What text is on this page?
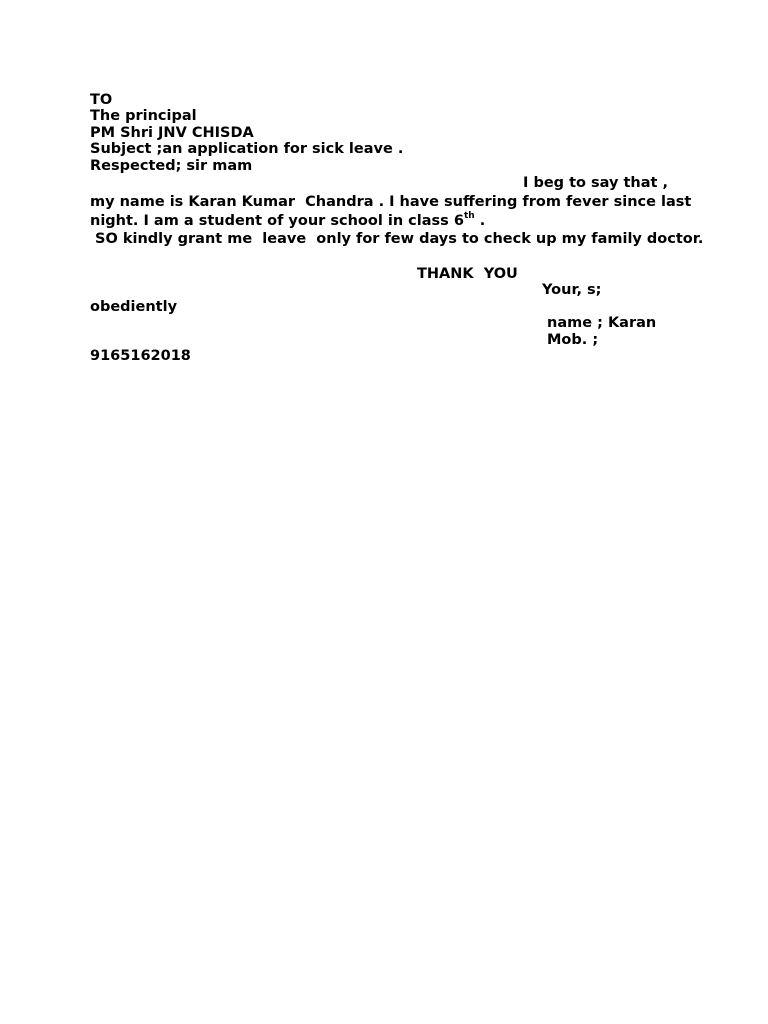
TO
The principal
PM Shri JNV CHISDA
Subject ;an application for sick leave .
Respected; sir mam
I beg to say that ,
my name is Karan Kumar  Chandra . I have suffering from fever since last
night. I am a student of your school in class 6th .
SO kindly grant me  leave  only for few days to check up my family doctor.
THANK  YOU
Your, s;
obediently
name ; Karan
Mob. ;
9165162018
